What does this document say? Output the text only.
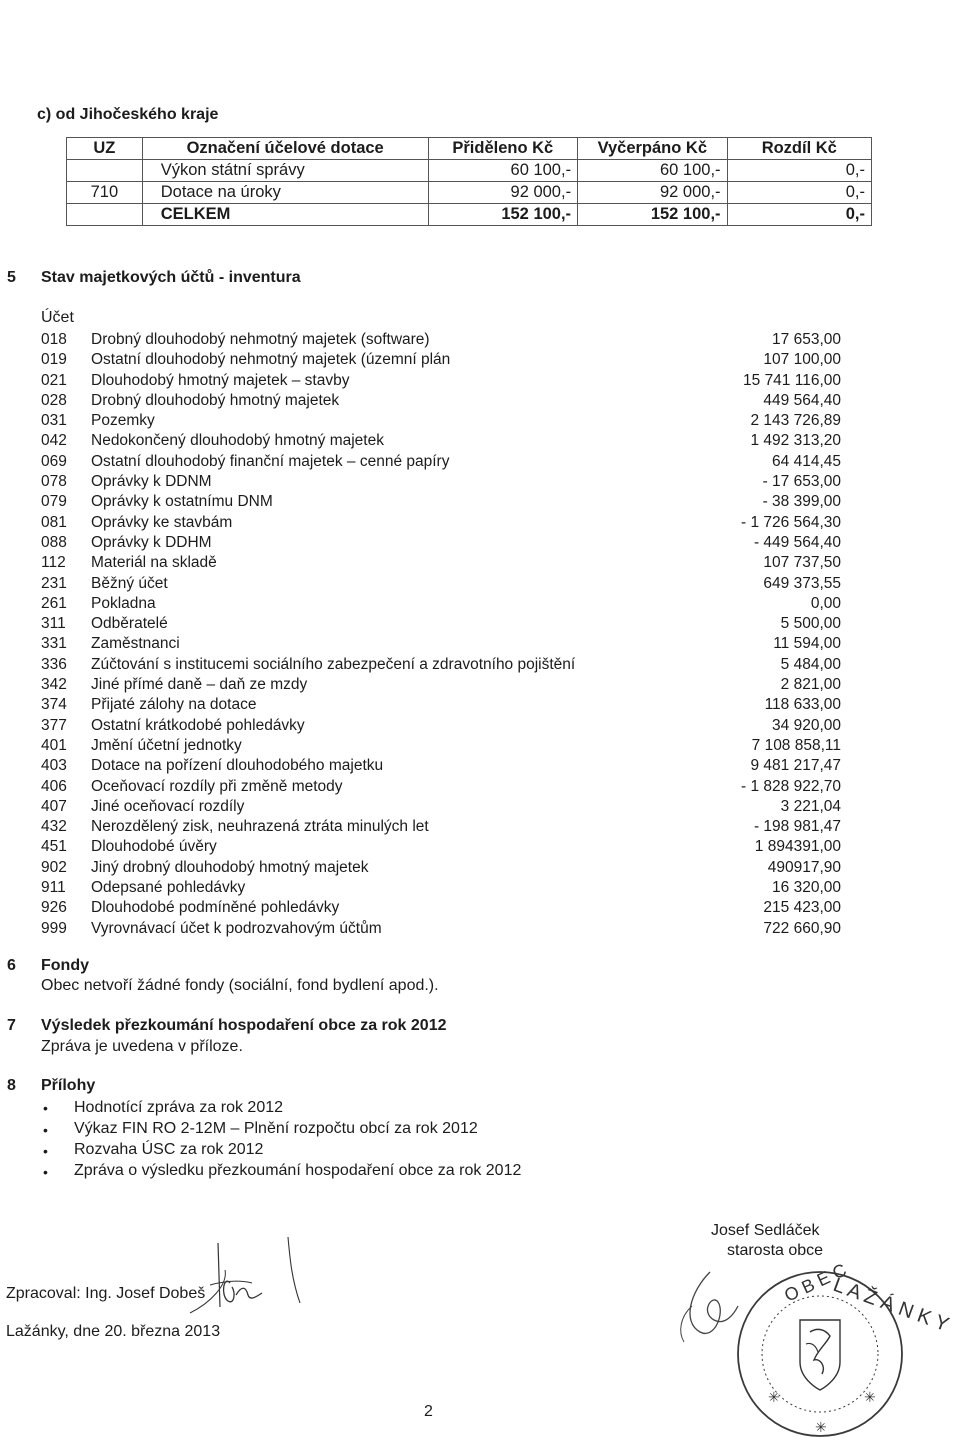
c) od Jihočeského kraje
UZ	Označení účelové dotace	Přiděleno Kč	Vyčerpáno Kč	Rozdíl Kč
	Výkon státní správy	60 100,-	60 100,-	0,-
710	Dotace na úroky	92 000,-	92 000,-	0,-
	CELKEM	152 100,-	152 100,-	0,-
5 Stav majetkových účtů - inventura
Účet
018 Drobný dlouhodobý nehmotný majetek (software)	17 653,00
019 Ostatní dlouhodobý nehmotný majetek (územní plán	107 100,00
021 Dlouhodobý hmotný majetek – stavby	15 741 116,00
028 Drobný dlouhodobý hmotný majetek	449 564,40
031 Pozemky	2 143 726,89
042 Nedokončený dlouhodobý hmotný majetek	1 492 313,20
069 Ostatní dlouhodobý finanční majetek – cenné papíry	64 414,45
078 Oprávky k DDNM	- 17 653,00
079 Oprávky k ostatnímu DNM	- 38 399,00
081 Oprávky ke stavbám	- 1 726 564,30
088 Oprávky k DDHM	- 449 564,40
112 Materiál na skladě	107 737,50
231 Běžný účet	649 373,55
261 Pokladna	0,00
311 Odběratelé	5 500,00
331 Zaměstnanci	11 594,00
336 Zúčtování s institucemi sociálního zabezpečení a zdravotního pojištění	5 484,00
342 Jiné přímé daně – daň ze mzdy	2 821,00
374 Přijaté zálohy na dotace	118 633,00
377 Ostatní krátkodobé pohledávky	34 920,00
401 Jmění účetní jednotky	7 108 858,11
403 Dotace na pořízení dlouhodobého majetku	9 481 217,47
406 Oceňovací rozdíly při změně metody	- 1 828 922,70
407 Jiné oceňovací rozdíly	3 221,04
432 Nerozdělený zisk, neuhrazená ztráta minulých let	- 198 981,47
451 Dlouhodobé úvěry	1 894391,00
902 Jiný drobný dlouhodobý hmotný majetek	490917,90
911 Odepsané pohledávky	16 320,00
926 Dlouhodobé podmíněné pohledávky	215 423,00
999 Vyrovnávací účet k podrozvahovým účtům	722 660,90
6 Fondy
Obec netvoří žádné fondy (sociální, fond bydlení apod.).
7 Výsledek přezkoumání hospodaření obce za rok 2012
Zpráva je uvedena v příloze.
8 Přílohy
• Hodnotící zpráva za rok 2012
• Výkaz FIN RO 2-12M – Plnění rozpočtu obcí za rok 2012
• Rozvaha ÚSC za rok 2012
• Zpráva o výsledku přezkoumání hospodaření obce za rok 2012
Josef Sedláček
starosta obce
Zpracoval: Ing. Josef Dobeš
Lažánky, dne 20. března 2013
O B E C
L A Ž Á N K Y
✳	✳
✳
2
